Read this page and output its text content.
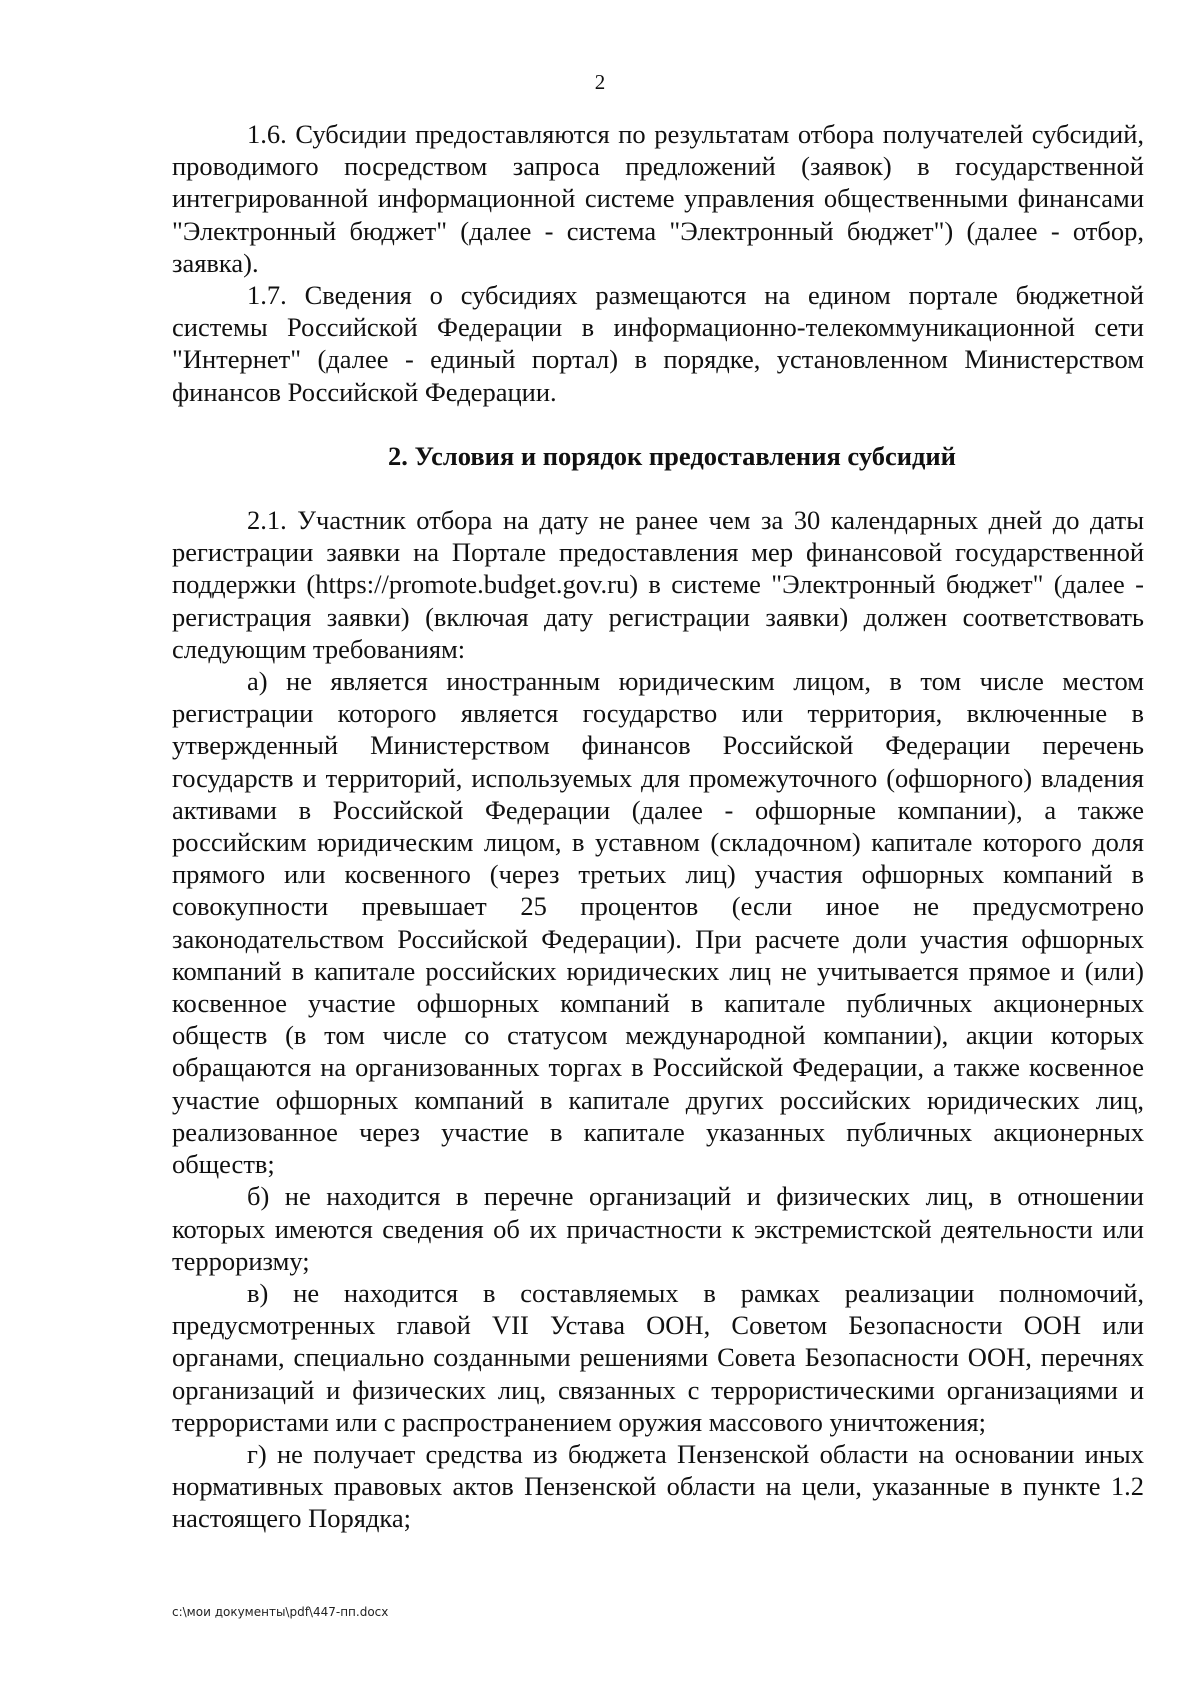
2

1.6. Субсидии предоставляются по результатам отбора получателей субсидий, проводимого посредством запроса предложений (заявок) в государственной интегрированной информационной системе управления общественными финансами "Электронный бюджет" (далее - система "Электронный бюджет") (далее - отбор, заявка).

1.7. Сведения о субсидиях размещаются на едином портале бюджетной системы Российской Федерации в информационно-телекоммуникационной сети "Интернет" (далее - единый портал) в порядке, установленном Министерством финансов Российской Федерации.

2. Условия и порядок предоставления субсидий

2.1. Участник отбора на дату не ранее чем за 30 календарных дней до даты регистрации заявки на Портале предоставления мер финансовой государственной поддержки (https://promote.budget.gov.ru) в системе "Электронный бюджет" (далее - регистрация заявки) (включая дату регистрации заявки) должен соответствовать следующим требованиям:

а) не является иностранным юридическим лицом, в том числе местом регистрации которого является государство или территория, включенные в утвержденный Министерством финансов Российской Федерации перечень государств и территорий, используемых для промежуточного (офшорного) владения активами в Российской Федерации (далее - офшорные компании), а также российским юридическим лицом, в уставном (складочном) капитале которого доля прямого или косвенного (через третьих лиц) участия офшорных компаний в совокупности превышает 25 процентов (если иное не предусмотрено законодательством Российской Федерации). При расчете доли участия офшорных компаний в капитале российских юридических лиц не учитывается прямое и (или) косвенное участие офшорных компаний в капитале публичных акционерных обществ (в том числе со статусом международной компании), акции которых обращаются на организованных торгах в Российской Федерации, а также косвенное участие офшорных компаний в капитале других российских юридических лиц, реализованное через участие в капитале указанных публичных акционерных обществ;

б) не находится в перечне организаций и физических лиц, в отношении которых имеются сведения об их причастности к экстремистской деятельности или терроризму;

в) не находится в составляемых в рамках реализации полномочий, предусмотренных главой VII Устава ООН, Советом Безопасности ООН или органами, специально созданными решениями Совета Безопасности ООН, перечнях организаций и физических лиц, связанных с террористическими организациями и террористами или с распространением оружия массового уничтожения;

г) не получает средства из бюджета Пензенской области на основании иных нормативных правовых актов Пензенской области на цели, указанные в пункте 1.2 настоящего Порядка;

c:\мои документы\pdf\447-пп.docx
